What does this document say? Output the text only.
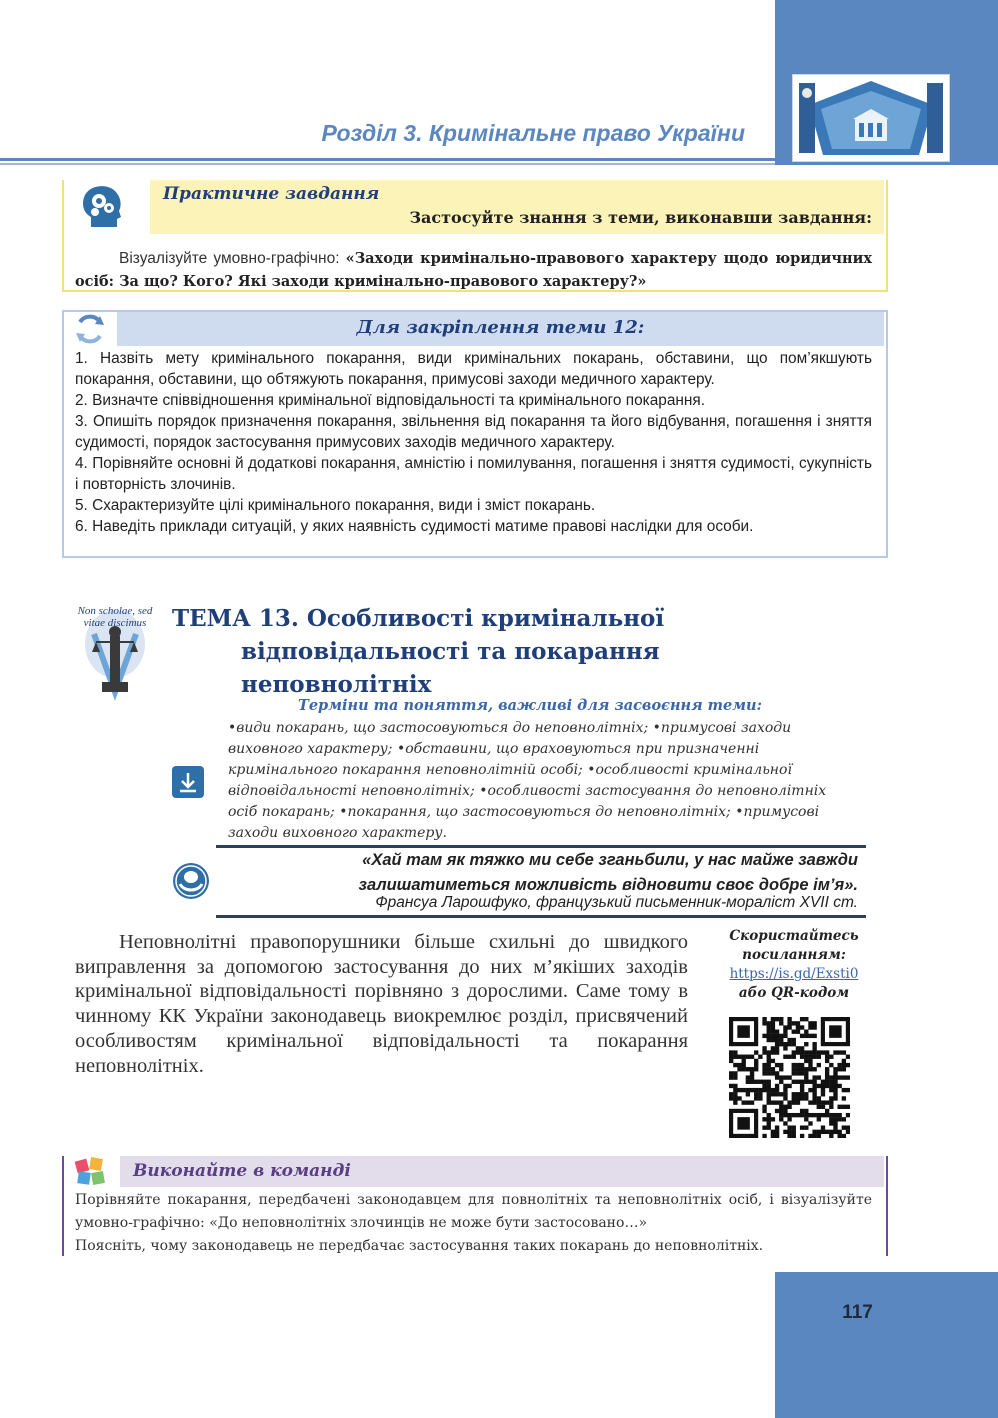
Розділ 3. Кримінальне право України
Практичне завдання
Застосуйте знання з теми, виконавши завдання:
Візуалізуйте умовно-графічно: «Заходи кримінально-правового характеру щодо юридичних осіб: За що? Кого? Які заходи кримінально-правового характеру?»
Для закріплення теми 12:
1. Назвіть мету кримінального покарання, види кримінальних покарань, обставини, що пом’якшують покарання, обставини, що обтяжують покарання, примусові заходи медичного характеру.
2. Визначте співвідношення кримінальної відповідальності та кримінального покарання.
3. Опишіть порядок призначення покарання, звільнення від покарання та його відбування, погашення і зняття судимості, порядок застосування примусових заходів медичного характеру.
4. Порівняйте основні й додаткові покарання, амністію і помилування, погашення і зняття судимості, сукупність і повторність злочинів.
5. Схарактеризуйте цілі кримінального покарання, види і зміст покарань.
6. Наведіть приклади ситуацій, у яких наявність судимості матиме правові наслідки для особи.
Non scholae, sed
vitae discimus ТЕМА 13. Особливості кримінальної
відповідальності та покарання
неповнолітніх
Терміни та поняття, важливі для засвоєння теми:
•види покарань, що застосовуються до неповнолітніх; •примусові заходи виховного характеру; •обставини, що враховуються при призначенні кримінального покарання неповнолітній особі; •особливості кримінальної відповідальності неповнолітніх; •особливості застосування до неповнолітніх осіб покарань; •покарання, що застосовуються до неповнолітніх; •примусові заходи виховного характеру.
«Хай там як тяжко ми себе зганьбили, у нас майже завжди
залишатиметься можливість відновити своє добре ім’я».
Франсуа Ларошфуко, французький письменник-мораліст XVII ст.
Неповнолітні правопорушники більше схильні до швидкого виправлення за допомогою застосування до них м’якіших заходів кримінальної відповідальності порівняно з дорослими. Саме тому в чинному КК України законодавець виокремлює розділ, присвячений особливостям кримінальної відповідальності та покарання неповнолітніх.
Скористайтесь
посиланням:
https://is.gd/Exsti0
або QR-кодом
Виконайте в команді
Порівняйте покарання, передбачені законодавцем для повнолітніх та неповнолітніх осіб, і візуалізуйте умовно-графічно: «До неповнолітніх злочинців не може бути застосовано…»
Поясніть, чому законодавець не передбачає застосування таких покарань до неповнолітніх.
117
